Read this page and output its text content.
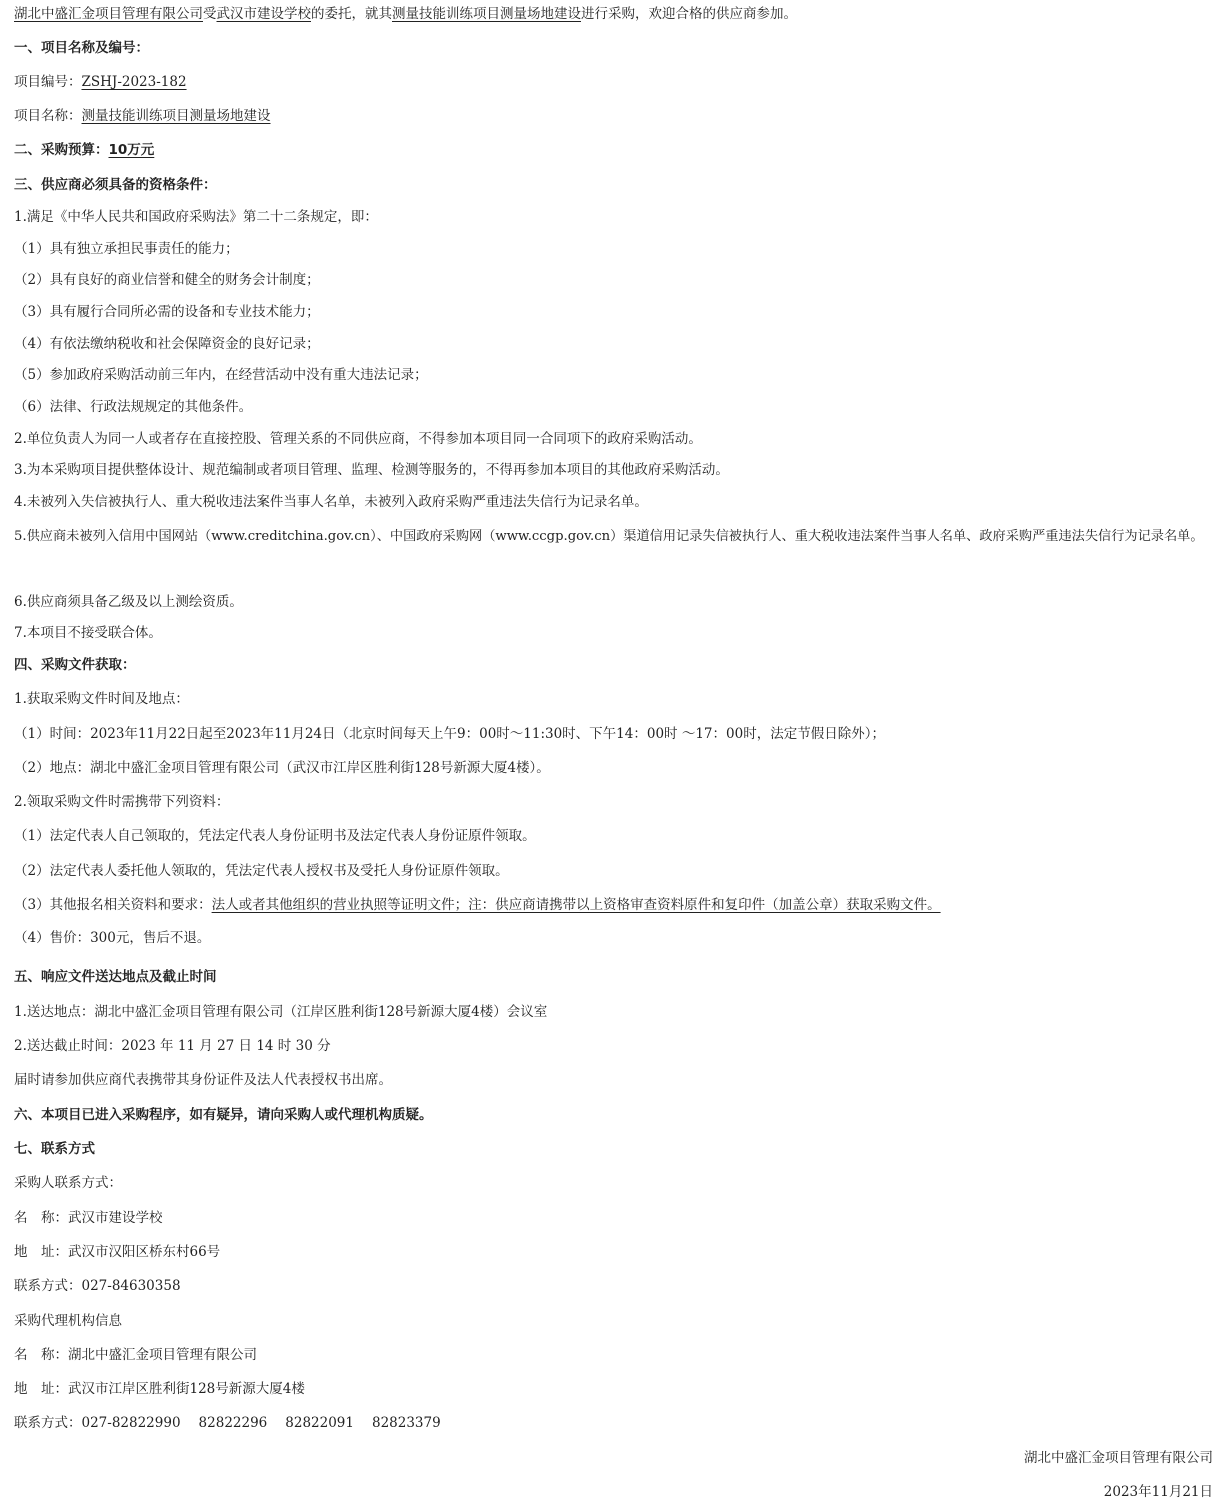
湖北中盛汇金项目管理有限公司受武汉市建设学校的委托，就其测量技能训练项目测量场地建设进行采购，欢迎合格的供应商参加。
一、项目名称及编号：
项目编号：ZSHJ-2023-182
项目名称：测量技能训练项目测量场地建设
二、采购预算：10万元
三、供应商必须具备的资格条件：
1.满足《中华人民共和国政府采购法》第二十二条规定，即：
（1）具有独立承担民事责任的能力；
（2）具有良好的商业信誉和健全的财务会计制度；
（3）具有履行合同所必需的设备和专业技术能力；
（4）有依法缴纳税收和社会保障资金的良好记录；
（5）参加政府采购活动前三年内，在经营活动中没有重大违法记录；
（6）法律、行政法规规定的其他条件。
2.单位负责人为同一人或者存在直接控股、管理关系的不同供应商，不得参加本项目同一合同项下的政府采购活动。
3.为本采购项目提供整体设计、规范编制或者项目管理、监理、检测等服务的，不得再参加本项目的其他政府采购活动。
4.未被列入失信被执行人、重大税收违法案件当事人名单，未被列入政府采购严重违法失信行为记录名单。
5.供应商未被列入信用中国网站（www.creditchina.gov.cn）、中国政府采购网（www.ccgp.gov.cn）渠道信用记录失信被执行人、重大税收违法案件当事人名单、政府采购严重违法失信行为记录名单。
6.供应商须具备乙级及以上测绘资质。
7.本项目不接受联合体。
四、采购文件获取：
1.获取采购文件时间及地点：
（1）时间：2023年11月22日起至2023年11月24日（北京时间每天上午9：00时～11:30时、下午14：00时 ～17：00时，法定节假日除外）；
（2）地点：湖北中盛汇金项目管理有限公司（武汉市江岸区胜利街128号新源大厦4楼）。
2.领取采购文件时需携带下列资料：
（1）法定代表人自己领取的，凭法定代表人身份证明书及法定代表人身份证原件领取。
（2）法定代表人委托他人领取的，凭法定代表人授权书及受托人身份证原件领取。
（3）其他报名相关资料和要求：法人或者其他组织的营业执照等证明文件；注：供应商请携带以上资格审查资料原件和复印件（加盖公章）获取采购文件。
（4）售价：300元，售后不退。
五、响应文件送达地点及截止时间
1.送达地点：湖北中盛汇金项目管理有限公司（江岸区胜利街128号新源大厦4楼）会议室
2.送达截止时间：2023 年 11 月 27 日 14 时 30 分
届时请参加供应商代表携带其身份证件及法人代表授权书出席。
六、本项目已进入采购程序，如有疑异，请向采购人或代理机构质疑。
七、联系方式
采购人联系方式：
名　称：武汉市建设学校
地　址：武汉市汉阳区桥东村66号
联系方式：027-84630358
采购代理机构信息
名　称：湖北中盛汇金项目管理有限公司
地　址：武汉市江岸区胜利街128号新源大厦4楼
联系方式：027-82822990 82822296 82822091 82823379
湖北中盛汇金项目管理有限公司
2023年11月21日
